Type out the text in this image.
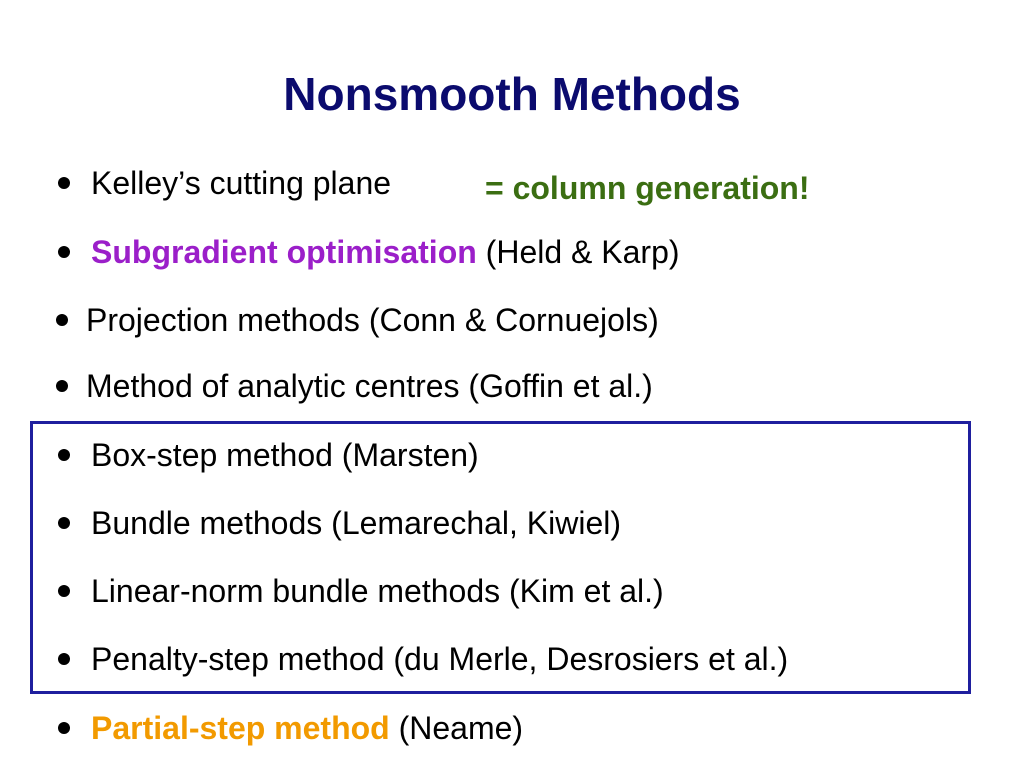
Nonsmooth Methods
Kelley’s cutting plane	= column generation!
Subgradient optimisation (Held & Karp)
Projection methods (Conn & Cornuejols)
Method of analytic centres (Goffin et al.)
Box-step method (Marsten)
Bundle methods (Lemarechal, Kiwiel)
Linear-norm bundle methods (Kim et al.)
Penalty-step method (du Merle, Desrosiers et al.)
Partial-step method (Neame)
